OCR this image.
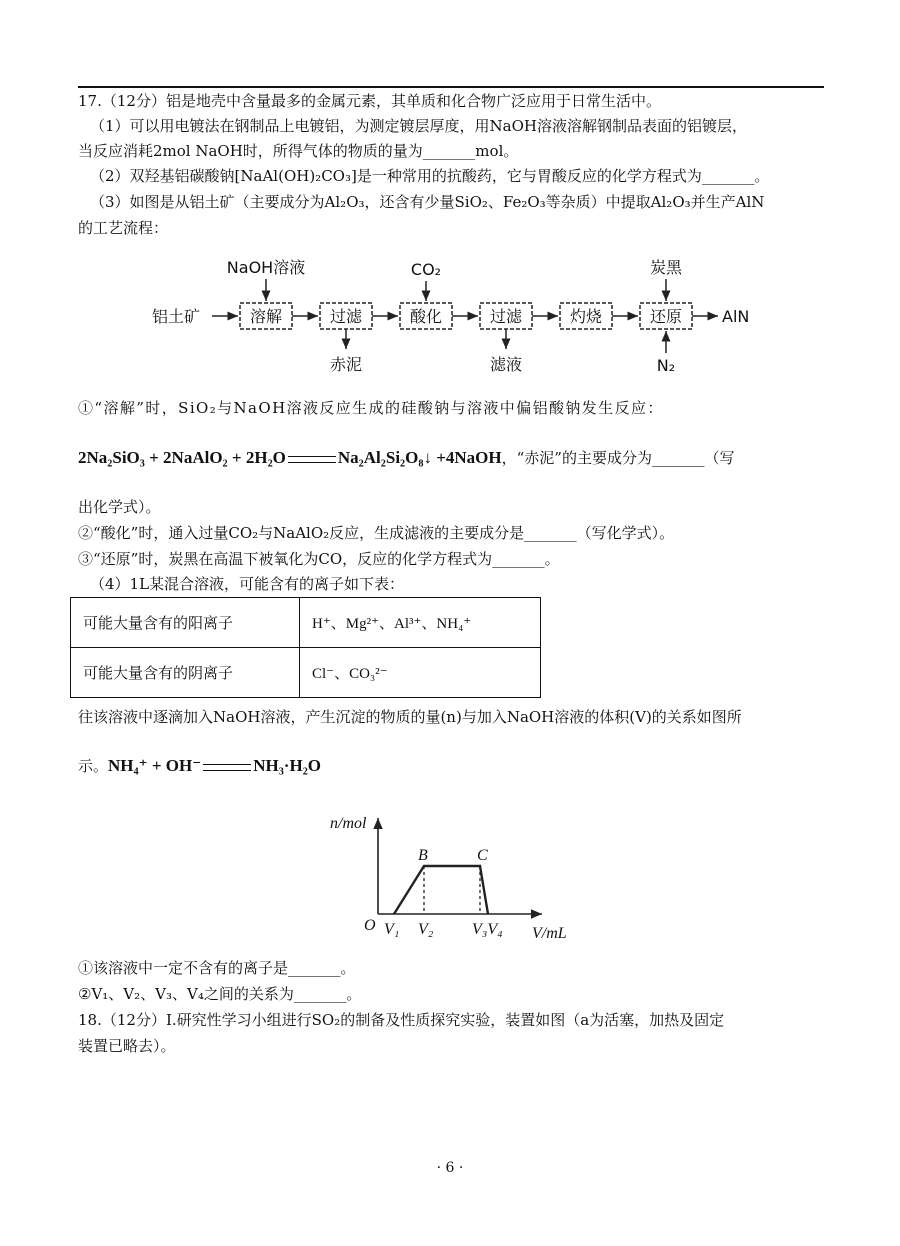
17.（12分）铝是地壳中含量最多的金属元素，其单质和化合物广泛应用于日常生活中。
（1）可以用电镀法在钢制品上电镀铝，为测定镀层厚度，用NaOH溶液溶解钢制品表面的铝镀层，
当反应消耗2mol NaOH时，所得气体的物质的量为_______mol。
（2）双羟基铝碳酸钠[NaAl(OH)₂CO₃]是一种常用的抗酸药，它与胃酸反应的化学方程式为_______。
（3）如图是从铝土矿（主要成分为Al₂O₃，还含有少量SiO₂、Fe₂O₃等杂质）中提取Al₂O₃并生产AlN
的工艺流程：
铝土矿	溶解	过滤	酸化	过滤	灼烧	还原 AlN
NaOH溶液	CO₂	炭黑
N₂
赤泥	滤液
①“溶解”时，SiO₂与NaOH溶液反应生成的硅酸钠与溶液中偏铝酸钠发生反应：
2Na₂SiO₃ + 2NaAlO₂ + 2H₂O	Na₂Al₂Si₂O₈↓ +4NaOH，“赤泥”的主要成分为_______（写
出化学式）。
②“酸化”时，通入过量CO₂与NaAlO₂反应，生成滤液的主要成分是_______（写化学式）。
③“还原”时，炭黑在高温下被氧化为CO，反应的化学方程式为_______。
（4）1L某混合溶液，可能含有的离子如下表：
可能大量含有的阳离子	H⁺、Mg²⁺、Al³⁺、NH₄⁺
可能大量含有的阴离子	Cl⁻、CO₃²⁻
往该溶液中逐滴加入NaOH溶液，产生沉淀的物质的量(n)与加入NaOH溶液的体积(V)的关系如图所
示。NH₄⁺ + OH⁻	NH₃·H₂O
n/mol
V/mL
O
B	C
V₁ V₂ V₃V₄
①该溶液中一定不含有的离子是_______。
②V₁、V₂、V₃、V₄之间的关系为_______。
18.（12分）Ⅰ.研究性学习小组进行SO₂的制备及性质探究实验，装置如图（a为活塞，加热及固定
装置已略去）。
· 6 ·
